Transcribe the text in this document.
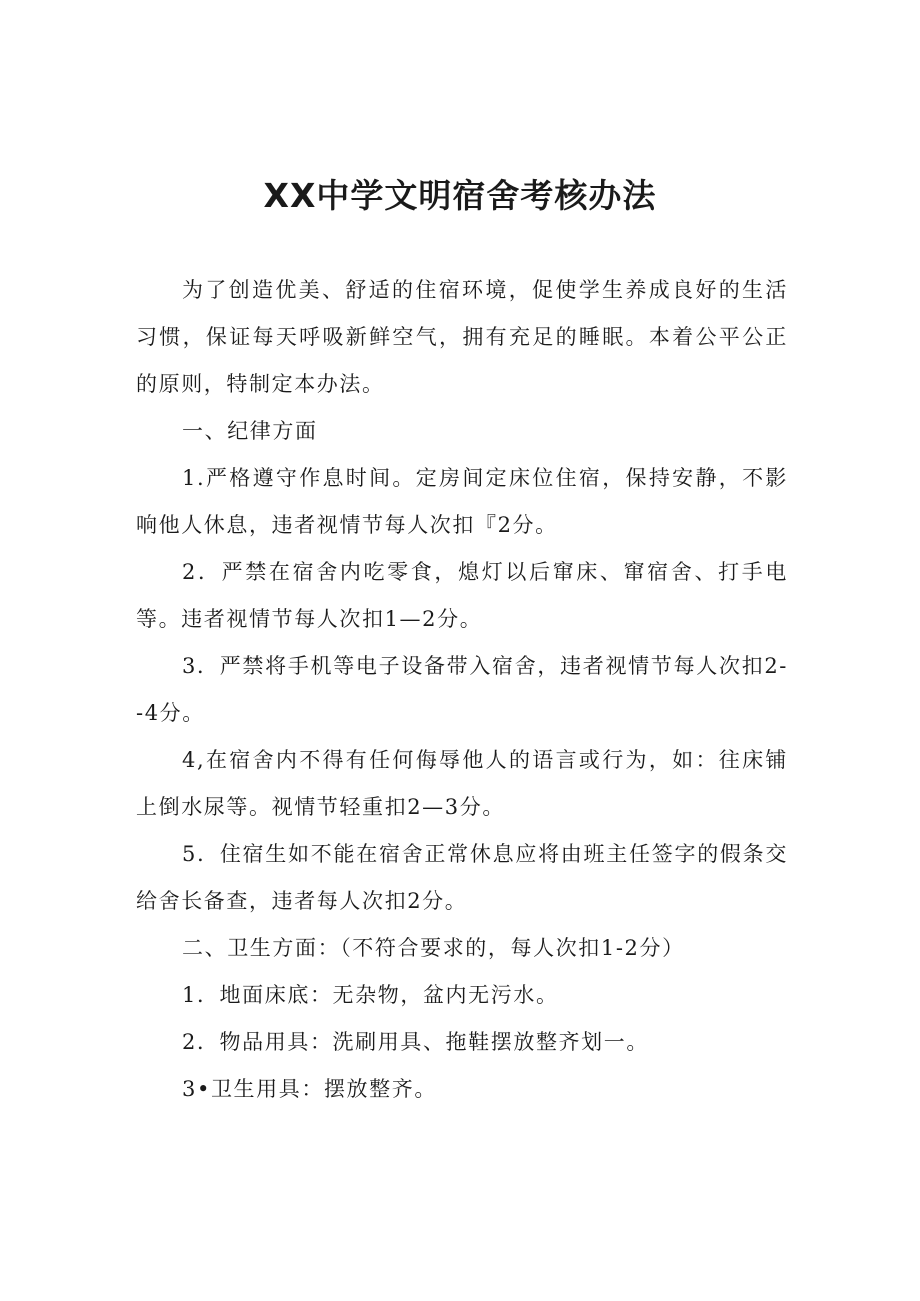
XX中学文明宿舍考核办法

为了创造优美、舒适的住宿环境，促使学生养成良好的生活习惯，保证每天呼吸新鲜空气，拥有充足的睡眠。本着公平公正的原则，特制定本办法。

一、纪律方面

1.严格遵守作息时间。定房间定床位住宿，保持安静，不影响他人休息，违者视情节每人次扣『2分。

2．严禁在宿舍内吃零食，熄灯以后窜床、窜宿舍、打手电等。违者视情节每人次扣1—2分。

3．严禁将手机等电子设备带入宿舍，违者视情节每人次扣2--4分。

4,在宿舍内不得有任何侮辱他人的语言或行为，如：往床铺上倒水尿等。视情节轻重扣2—3分。

5．住宿生如不能在宿舍正常休息应将由班主任签字的假条交给舍长备查，违者每人次扣2分。

二、卫生方面：（不符合要求的，每人次扣1-2分）

1．地面床底：无杂物，盆内无污水。

2．物品用具：洗刷用具、拖鞋摆放整齐划一。

3•卫生用具：摆放整齐。
